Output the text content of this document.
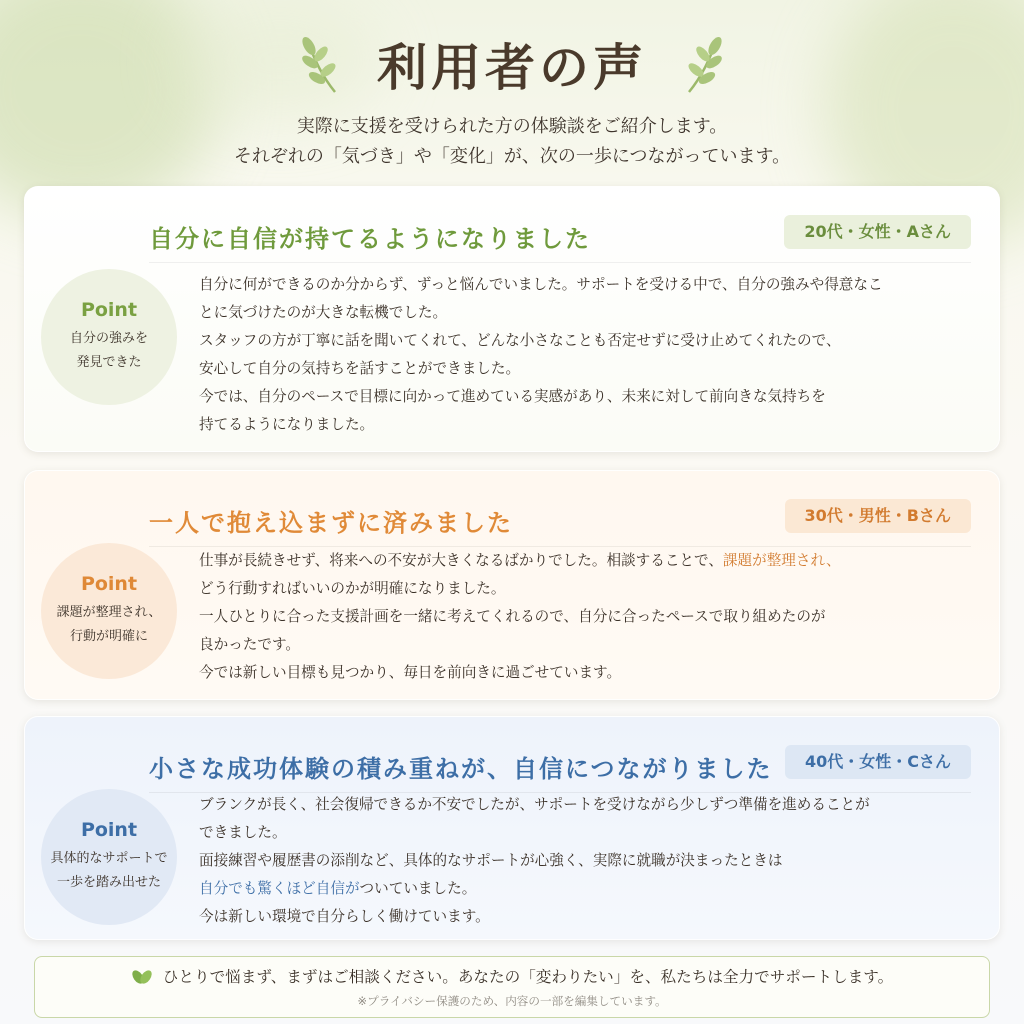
利用者の声
実際に支援を受けられた方の体験談をご紹介します。
それぞれの「気づき」や「変化」が、次の一歩につながっています。
自分に自信が持てるようになりました	20代・女性・Aさん
Point
自分の強みを
発見できた

自分に何ができるのか分からず、ずっと悩んでいました。サポートを受ける中で、自分の強みや得意なこ

とに気づけたのが大きな転機でした。

スタッフの方が丁寧に話を聞いてくれて、どんな小さなことも否定せずに受け止めてくれたので、

安心して自分の気持ちを話すことができました。

今では、自分のペースで目標に向かって進めている実感があり、未来に対して前向きな気持ちを

持てるようになりました。

一人で抱え込まずに済みました	30代・男性・Bさん
Point
課題が整理され、
行動が明確に

仕事が長続きせず、将来への不安が大きくなるばかりでした。相談することで、課題が整理され、

どう行動すればいいのかが明確になりました。

一人ひとりに合った支援計画を一緒に考えてくれるので、自分に合ったペースで取り組めたのが

良かったです。

今では新しい目標も見つかり、毎日を前向きに過ごせています。

小さな成功体験の積み重ねが、自信につながりました	40代・女性・Cさん
Point
具体的なサポートで
一歩を踏み出せた

ブランクが長く、社会復帰できるか不安でしたが、サポートを受けながら少しずつ準備を進めることが

できました。

面接練習や履歴書の添削など、具体的なサポートが心強く、実際に就職が決まったときは

自分でも驚くほど自信がついていました。

今は新しい環境で自分らしく働けています。

ひとりで悩まず、まずはご相談ください。あなたの「変わりたい」を、私たちは全力でサポートします。
※プライバシー保護のため、内容の一部を編集しています。
